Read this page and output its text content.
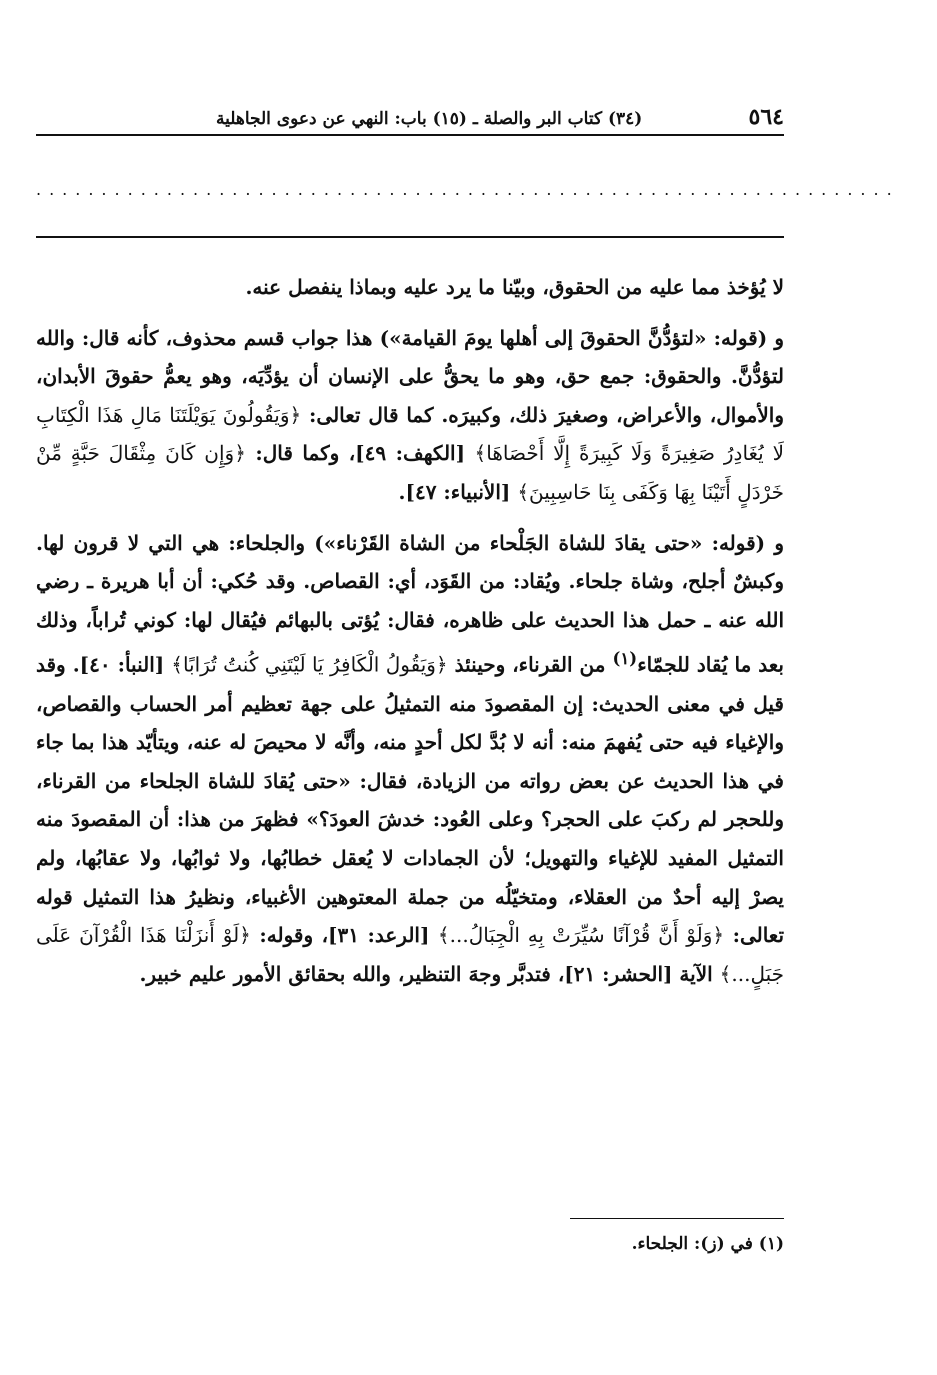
٥٦٤
(٣٤) كتاب البر والصلة ـ (١٥) باب: النهي عن دعوى الجاهلية
..................................................................

لا يُؤخذ مما عليه من الحقوق، وبيّنا ما يرد عليه وبماذا ينفصل عنه.

و (قوله: «لتؤدُّنَّ الحقوقَ إلى أهلها يومَ القيامة») هذا جواب قسم محذوف، كأنه قال: والله لتؤدُّنَّ. والحقوق: جمع حق، وهو ما يحقُّ على الإنسان أن يؤدِّيَه، وهو يعمُّ حقوقَ الأبدان، والأموال، والأعراض، وصغيرَ ذلك، وكبيرَه. كما قال تعالى: ﴿وَيَقُولُونَ يَوَيْلَتَنَا مَالِ هَذَا الْكِتَابِ لَا يُغَادِرُ صَغِيرَةً وَلَا كَبِيرَةً إِلَّا أَحْصَاهَا﴾ [الكهف: ٤٩]، وكما قال: ﴿وَإِن كَانَ مِثْقَالَ حَبَّةٍ مِّنْ خَرْدَلٍ أَتَيْنَا بِهَا وَكَفَى بِنَا حَاسِبِينَ﴾ [الأنبياء: ٤٧].

و (قوله: «حتى يقادَ للشاة الجَلْحاء من الشاة القَرْناء») والجلحاء: هي التي لا قرون لها. وكبشٌ أجلح، وشاة جلحاء. ويُقاد: من القَوَد، أي: القصاص. وقد حُكي: أن أبا هريرة ـ رضي الله عنه ـ حمل هذا الحديث على ظاهره، فقال: يُؤتى بالبهائم فيُقال لها: كوني تُراباً، وذلك بعد ما يُقاد للجمّاء$^{(١)}$ من القرناء، وحينئذ ﴿وَيَقُولُ الْكَافِرُ يَا لَيْتَنِي كُنتُ تُرَابًا﴾ [النبأ: ٤٠]. وقد قيل في معنى الحديث: إن المقصودَ منه التمثيلُ على جهة تعظيم أمر الحساب والقصاص، والإغياء فيه حتى يُفهمَ منه: أنه لا بُدَّ لكل أحدٍ منه، وأنَّه لا محيصَ له عنه، ويتأيّد هذا بما جاء في هذا الحديث عن بعض رواته من الزيادة، فقال: «حتى يُقادَ للشاة الجلحاء من القرناء، وللحجر لم ركبَ على الحجر؟ وعلى العُود: خدشَ العودَ؟» فظهرَ من هذا: أن المقصودَ منه التمثيل المفيد للإغياء والتهويل؛ لأن الجمادات لا يُعقل خطابُها، ولا ثوابُها، ولا عقابُها، ولم يصرْ إليه أحدٌ من العقلاء، ومتخيّلُه من جملة المعتوهين الأغبياء، ونظيرُ هذا التمثيل قوله تعالى: ﴿وَلَوْ أَنَّ قُرْآنًا سُيِّرَتْ بِهِ الْجِبَالُ...﴾ [الرعد: ٣١]، وقوله: ﴿لَوْ أَنزَلْنَا هَذَا الْقُرْآنَ عَلَى جَبَلٍ...﴾ الآية [الحشر: ٢١]، فتدبَّر وجهَ التنظير، والله بحقائق الأمور عليم خبير.

(١) في (ز): الجلحاء.
